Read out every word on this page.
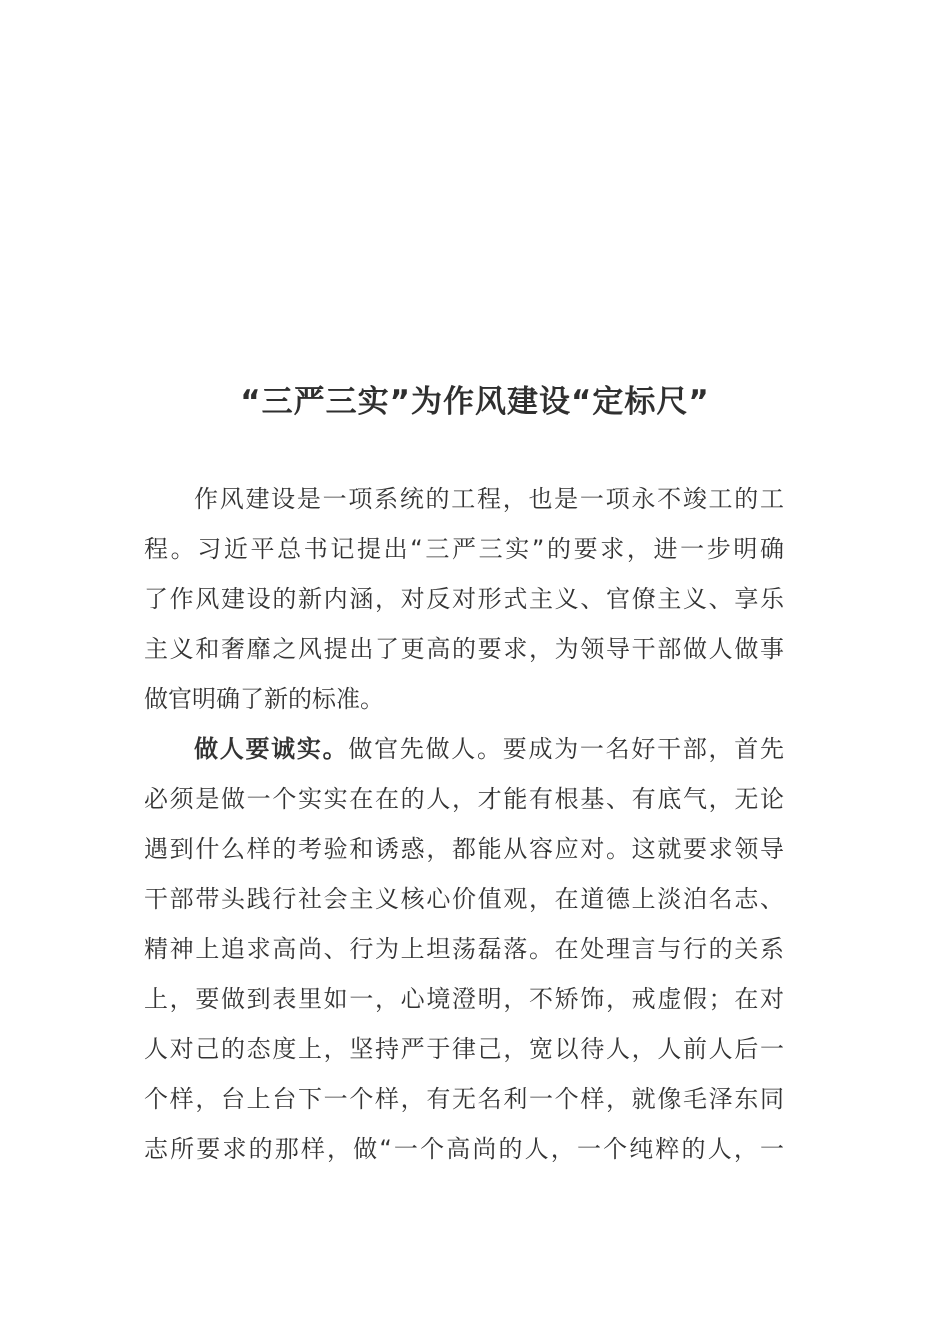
“三严三实”为作风建设“定标尺”
作风建设是一项系统的工程，也是一项永不竣工的工
程。习近平总书记提出“三严三实”的要求，进一步明确
了作风建设的新内涵，对反对形式主义、官僚主义、享乐
主义和奢靡之风提出了更高的要求，为领导干部做人做事
做官明确了新的标准。
做人要诚实。做官先做人。要成为一名好干部，首先
必须是做一个实实在在的人，才能有根基、有底气，无论
遇到什么样的考验和诱惑，都能从容应对。这就要求领导
干部带头践行社会主义核心价值观，在道德上淡泊名志、
精神上追求高尚、行为上坦荡磊落。在处理言与行的关系
上，要做到表里如一，心境澄明，不矫饰，戒虚假；在对
人对己的态度上，坚持严于律己，宽以待人，人前人后一
个样，台上台下一个样，有无名利一个样，就像毛泽东同
志所要求的那样，做“一个高尚的人，一个纯粹的人，一
